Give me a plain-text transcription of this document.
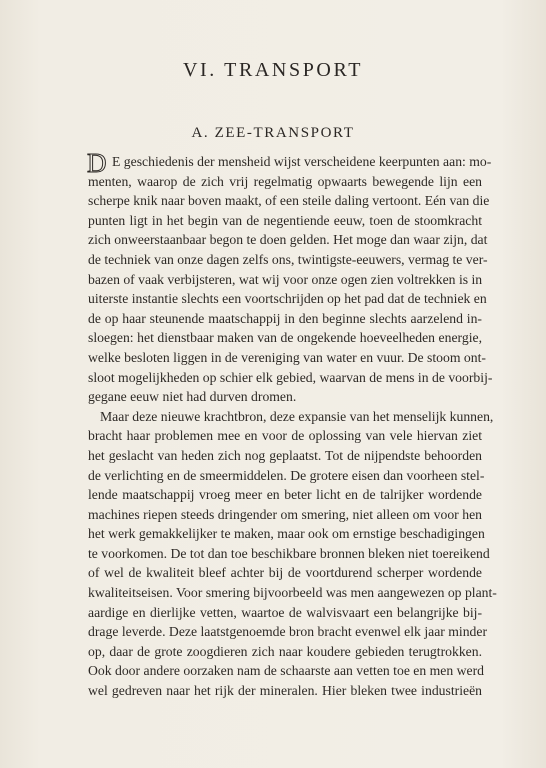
VI. TRANSPORT
A. ZEE-TRANSPORT
D E geschiedenis der mensheid wijst verscheidene keerpunten aan: mo-
menten, waarop de zich vrij regelmatig opwaarts bewegende lijn een
scherpe knik naar boven maakt, of een steile daling vertoont. Eén van die
punten ligt in het begin van de negentiende eeuw, toen de stoomkracht
zich onweerstaanbaar begon te doen gelden. Het moge dan waar zijn, dat
de techniek van onze dagen zelfs ons, twintigste-eeuwers, vermag te ver-
bazen of vaak verbijsteren, wat wij voor onze ogen zien voltrekken is in
uiterste instantie slechts een voortschrijden op het pad dat de techniek en
de op haar steunende maatschappij in den beginne slechts aarzelend in-
sloegen: het dienstbaar maken van de ongekende hoeveelheden energie,
welke besloten liggen in de vereniging van water en vuur. De stoom ont-
sloot mogelijkheden op schier elk gebied, waarvan de mens in de voorbij-
gegane eeuw niet had durven dromen.
Maar deze nieuwe krachtbron, deze expansie van het menselijk kunnen,
bracht haar problemen mee en voor de oplossing van vele hiervan ziet
het geslacht van heden zich nog geplaatst. Tot de nijpendste behoorden
de verlichting en de smeermiddelen. De grotere eisen dan voorheen stel-
lende maatschappij vroeg meer en beter licht en de talrijker wordende
machines riepen steeds dringender om smering, niet alleen om voor hen
het werk gemakkelijker te maken, maar ook om ernstige beschadigingen
te voorkomen. De tot dan toe beschikbare bronnen bleken niet toereikend
of wel de kwaliteit bleef achter bij de voortdurend scherper wordende
kwaliteitseisen. Voor smering bijvoorbeeld was men aangewezen op plant-
aardige en dierlijke vetten, waartoe de walvisvaart een belangrijke bij-
drage leverde. Deze laatstgenoemde bron bracht evenwel elk jaar minder
op, daar de grote zoogdieren zich naar koudere gebieden terugtrokken.
Ook door andere oorzaken nam de schaarste aan vetten toe en men werd
wel gedreven naar het rijk der mineralen. Hier bleken twee industrieën
